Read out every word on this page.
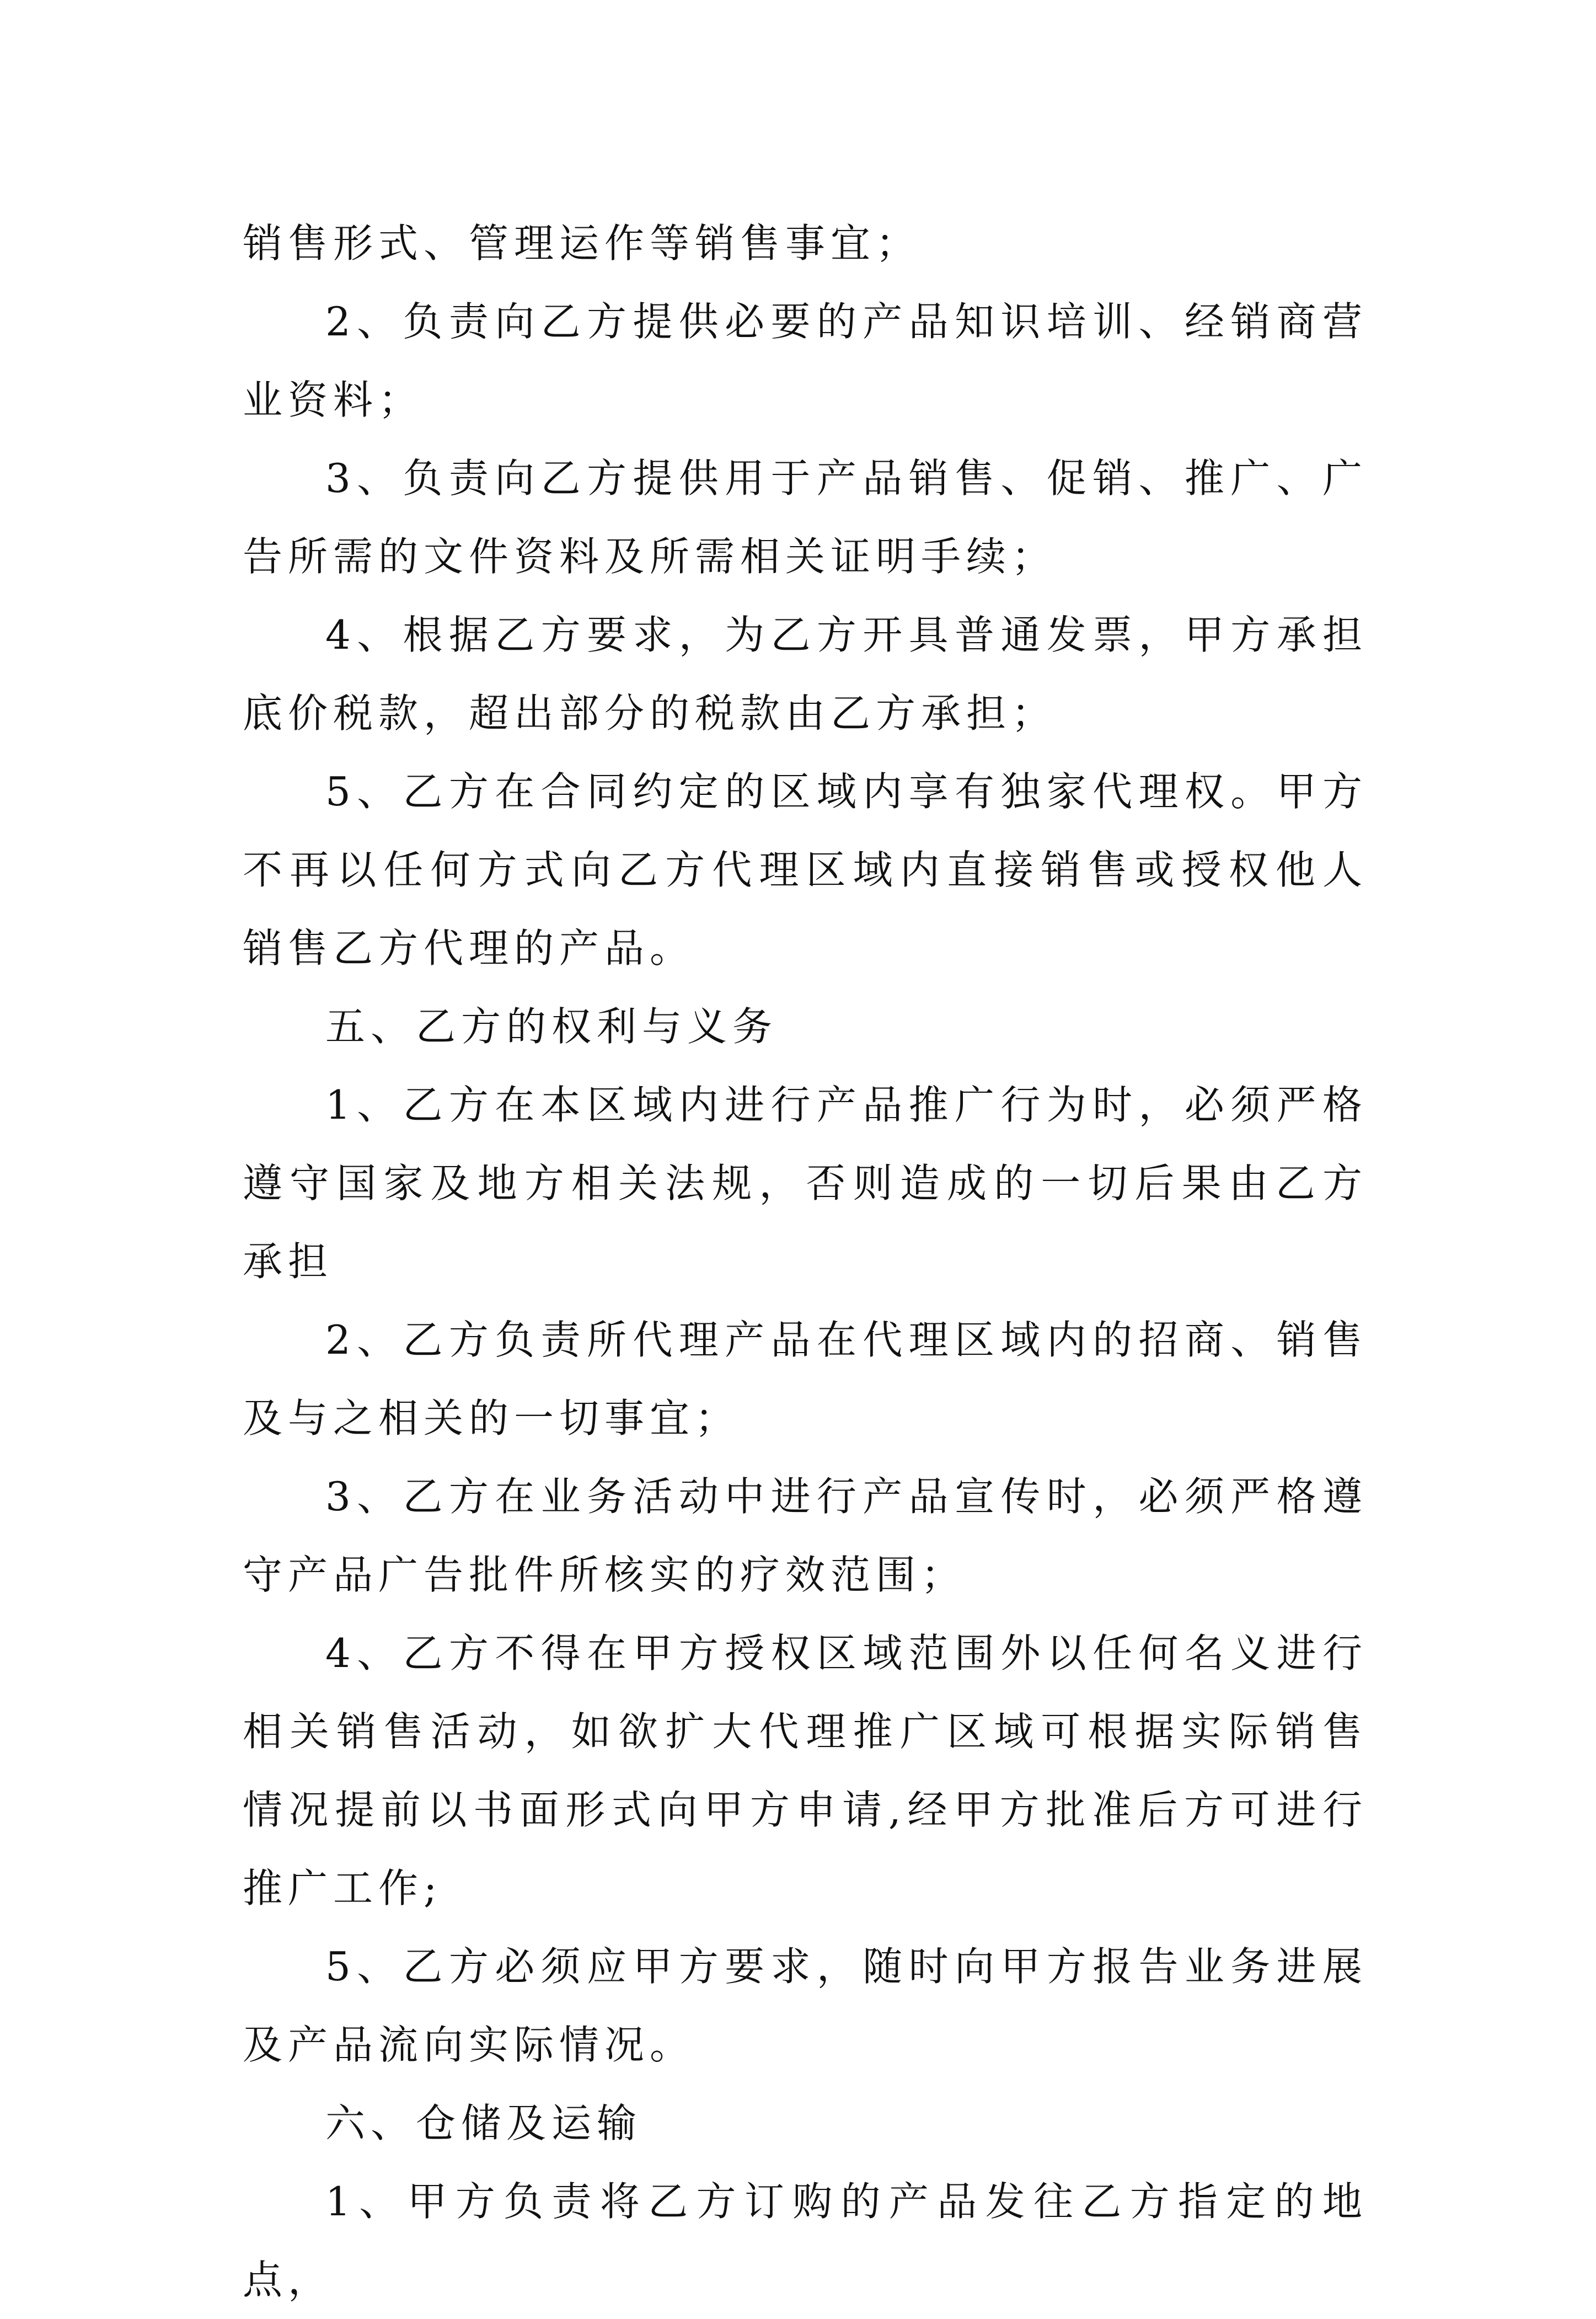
销售形式、管理运作等销售事宜；

2、负责向乙方提供必要的产品知识培训、经销商营业资料；

3、负责向乙方提供用于产品销售、促销、推广、广告所需的文件资料及所需相关证明手续；

4、根据乙方要求，为乙方开具普通发票，甲方承担底价税款，超出部分的税款由乙方承担；

5、乙方在合同约定的区域内享有独家代理权。甲方不再以任何方式向乙方代理区域内直接销售或授权他人销售乙方代理的产品。

五、乙方的权利与义务

1、乙方在本区域内进行产品推广行为时，必须严格遵守国家及地方相关法规，否则造成的一切后果由乙方承担

2、乙方负责所代理产品在代理区域内的招商、销售及与之相关的一切事宜；

3、乙方在业务活动中进行产品宣传时，必须严格遵守产品广告批件所核实的疗效范围；

4、乙方不得在甲方授权区域范围外以任何名义进行相关销售活动，如欲扩大代理推广区域可根据实际销售情况提前以书面形式向甲方申请,经甲方批准后方可进行推广工作;

5、乙方必须应甲方要求，随时向甲方报告业务进展及产品流向实际情况。

六、仓储及运输

1、甲方负责将乙方订购的产品发往乙方指定的地点，
